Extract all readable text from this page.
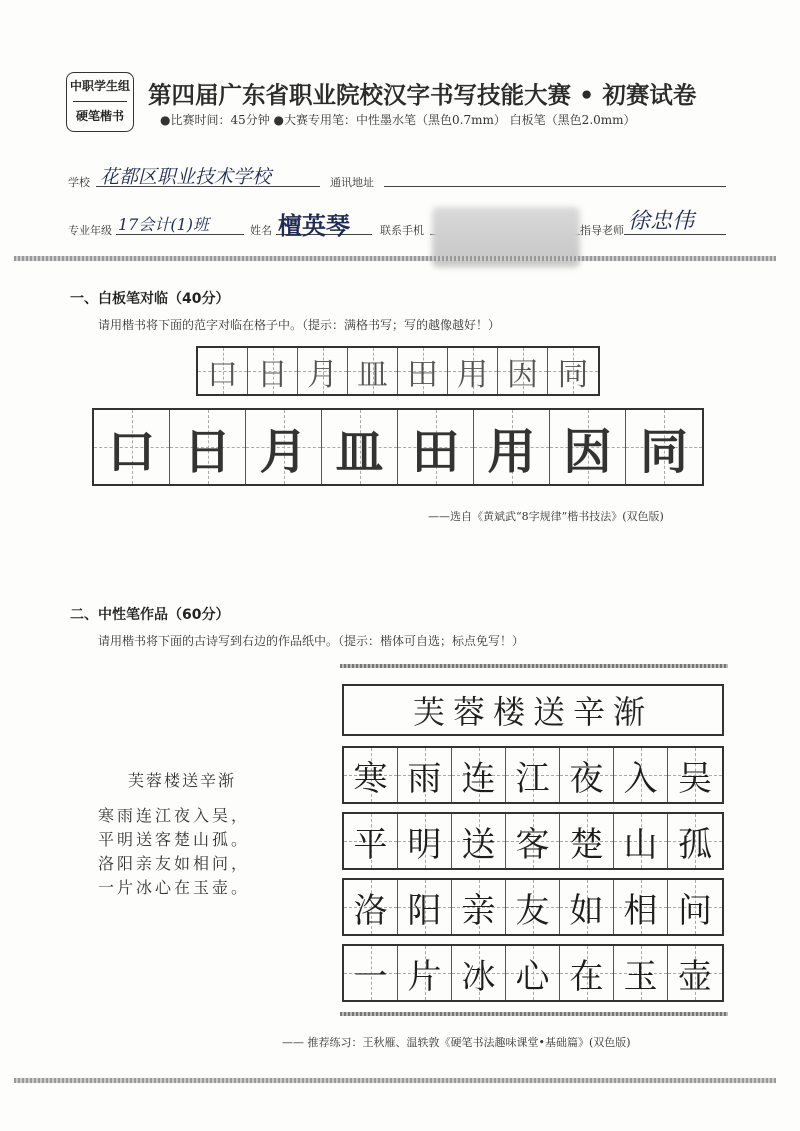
中职学生组
硬笔楷书
第四届广东省职业院校汉字书写技能大赛 • 初赛试卷
●比赛时间：45分钟 ●大赛专用笔：中性墨水笔（黑色0.7mm） 白板笔（黑色2.0mm）
学校 花都区职业技术学校	通讯地址
专业年级 17会计(1)班	姓名 檀英琴	联系手机	指导老师 徐忠伟
一、白板笔对临（40分）
请用楷书将下面的范字对临在格子中。（提示：满格书写；写的越像越好！）
口 日 月 皿 田 用 因 同
口 日 月 皿 田 用 因 同
——选自《黄斌武“8字规律”楷书技法》(双色版)
二、中性笔作品（60分）
请用楷书将下面的古诗写到右边的作品纸中。（提示：楷体可自选；标点免写！）
芙蓉楼送辛渐
寒雨连江夜入吴，
平明送客楚山孤。
洛阳亲友如相问，
一片冰心在玉壶。
芙蓉楼送辛渐
寒 雨 连 江 夜 入 吴
平 明 送 客 楚 山 孤
洛 阳 亲 友 如 相 问
一 片 冰 心 在 玉 壶
—— 推荐练习：王秋雁、温轶敦《硬笔书法趣味课堂•基础篇》(双色版)
